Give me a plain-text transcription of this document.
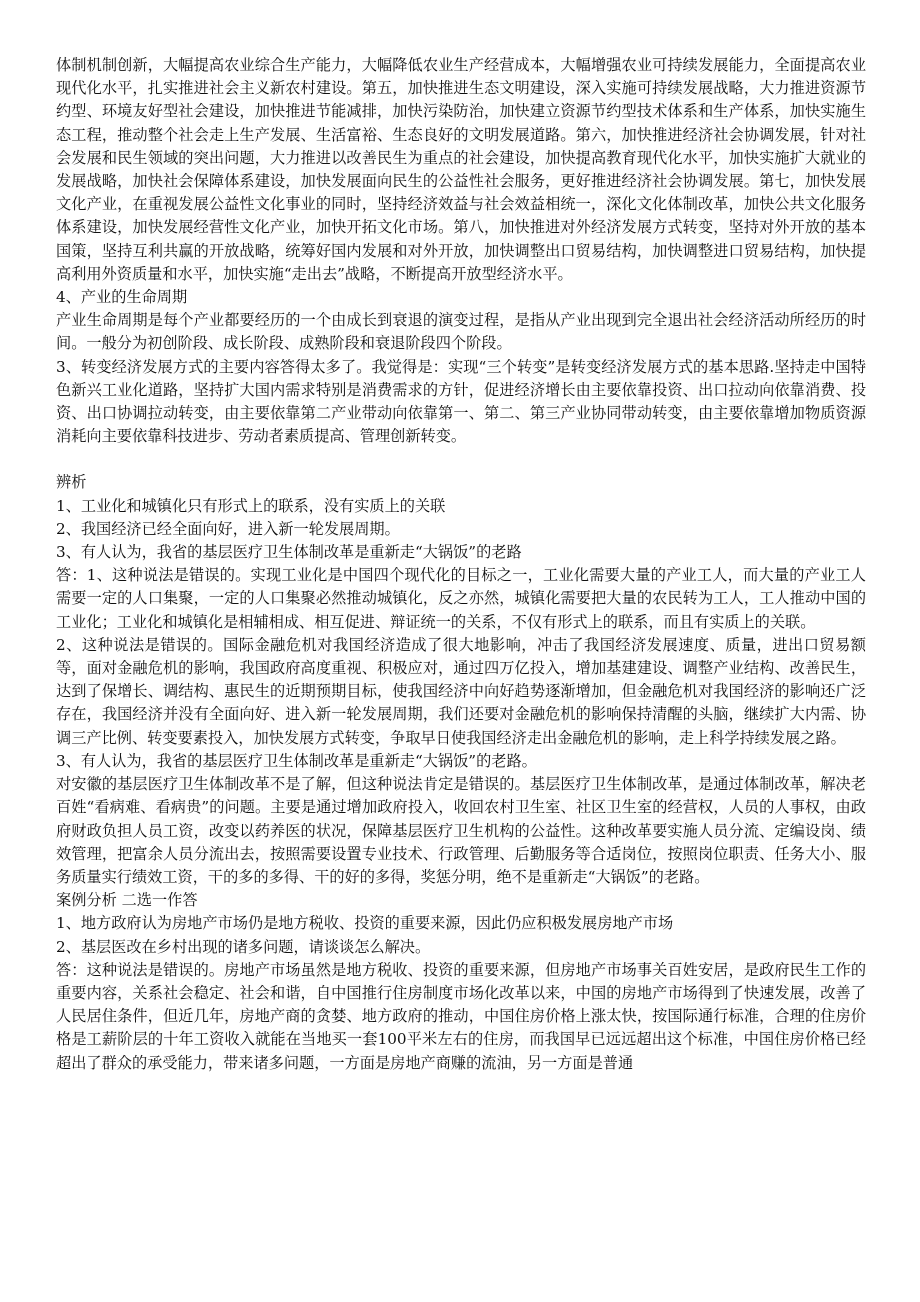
体制机制创新，大幅提高农业综合生产能力，大幅降低农业生产经营成本，大幅增强农业可持续发展能力，全面提高农业现代化水平，扎实推进社会主义新农村建设。第五，加快推进生态文明建设，深入实施可持续发展战略，大力推进资源节约型、环境友好型社会建设，加快推进节能减排，加快污染防治，加快建立资源节约型技术体系和生产体系，加快实施生态工程，推动整个社会走上生产发展、生活富裕、生态良好的文明发展道路。第六，加快推进经济社会协调发展，针对社会发展和民生领域的突出问题，大力推进以改善民生为重点的社会建设，加快提高教育现代化水平，加快实施扩大就业的发展战略，加快社会保障体系建设，加快发展面向民生的公益性社会服务，更好推进经济社会协调发展。第七，加快发展文化产业，在重视发展公益性文化事业的同时，坚持经济效益与社会效益相统一，深化文化体制改革，加快公共文化服务体系建设，加快发展经营性文化产业，加快开拓文化市场。第八，加快推进对外经济发展方式转变，坚持对外开放的基本国策，坚持互利共赢的开放战略，统筹好国内发展和对外开放，加快调整出口贸易结构，加快调整进口贸易结构，加快提高利用外资质量和水平，加快实施“走出去”战略，不断提高开放型经济水平。

4、产业的生命周期

产业生命周期是每个产业都要经历的一个由成长到衰退的演变过程，是指从产业出现到完全退出社会经济活动所经历的时间。一般分为初创阶段、成长阶段、成熟阶段和衰退阶段四个阶段。

3、转变经济发展方式的主要内容答得太多了。我觉得是：实现“三个转变”是转变经济发展方式的基本思路.坚持走中国特色新兴工业化道路，坚持扩大国内需求特别是消费需求的方针，促进经济增长由主要依靠投资、出口拉动向依靠消费、投资、出口协调拉动转变，由主要依靠第二产业带动向依靠第一、第二、第三产业协同带动转变，由主要依靠增加物质资源消耗向主要依靠科技进步、劳动者素质提高、管理创新转变。

辨析

1、工业化和城镇化只有形式上的联系，没有实质上的关联

2、我国经济已经全面向好，进入新一轮发展周期。

3、有人认为，我省的基层医疗卫生体制改革是重新走“大锅饭”的老路

答：1、这种说法是错误的。实现工业化是中国四个现代化的目标之一，工业化需要大量的产业工人，而大量的产业工人需要一定的人口集聚，一定的人口集聚必然推动城镇化，反之亦然，城镇化需要把大量的农民转为工人，工人推动中国的工业化；工业化和城镇化是相辅相成、相互促进、辩证统一的关系，不仅有形式上的联系，而且有实质上的关联。

2、这种说法是错误的。国际金融危机对我国经济造成了很大地影响，冲击了我国经济发展速度、质量，进出口贸易额等，面对金融危机的影响，我国政府高度重视、积极应对，通过四万亿投入，增加基建建设、调整产业结构、改善民生，达到了保增长、调结构、惠民生的近期预期目标，使我国经济中向好趋势逐渐增加，但金融危机对我国经济的影响还广泛存在，我国经济并没有全面向好、进入新一轮发展周期，我们还要对金融危机的影响保持清醒的头脑，继续扩大内需、协调三产比例、转变要素投入，加快发展方式转变，争取早日使我国经济走出金融危机的影响，走上科学持续发展之路。

3、有人认为，我省的基层医疗卫生体制改革是重新走“大锅饭”的老路。

对安徽的基层医疗卫生体制改革不是了解，但这种说法肯定是错误的。基层医疗卫生体制改革，是通过体制改革，解决老百姓“看病难、看病贵”的问题。主要是通过增加政府投入，收回农村卫生室、社区卫生室的经营权，人员的人事权，由政府财政负担人员工资，改变以药养医的状况，保障基层医疗卫生机构的公益性。这种改革要实施人员分流、定编设岗、绩效管理，把富余人员分流出去，按照需要设置专业技术、行政管理、后勤服务等合适岗位，按照岗位职责、任务大小、服务质量实行绩效工资，干的多的多得、干的好的多得，奖惩分明，绝不是重新走“大锅饭”的老路。

案例分析 二选一作答

1、地方政府认为房地产市场仍是地方税收、投资的重要来源，因此仍应积极发展房地产市场

2、基层医改在乡村出现的诸多问题，请谈谈怎么解决。

答：这种说法是错误的。房地产市场虽然是地方税收、投资的重要来源，但房地产市场事关百姓安居，是政府民生工作的重要内容，关系社会稳定、社会和谐，自中国推行住房制度市场化改革以来，中国的房地产市场得到了快速发展，改善了人民居住条件，但近几年，房地产商的贪婪、地方政府的推动，中国住房价格上涨太快，按国际通行标准，合理的住房价格是工薪阶层的十年工资收入就能在当地买一套100平米左右的住房，而我国早已远远超出这个标准，中国住房价格已经超出了群众的承受能力，带来诸多问题，一方面是房地产商赚的流油，另一方面是普通
